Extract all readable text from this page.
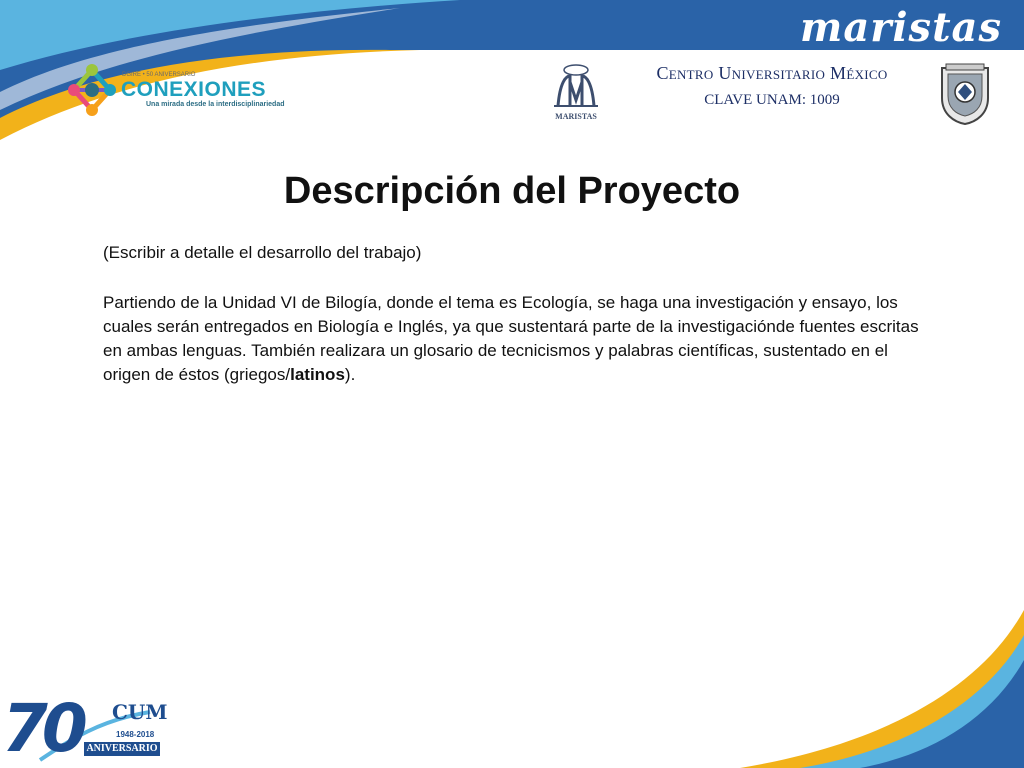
maristas
DGIRE • 50 ANIVERSARIO
CONEXIONES
Una mirada desde la interdisciplinariedad
MARISTAS
Centro Universitario México
CLAVE UNAM: 1009
Descripción del Proyecto
(Escribir a detalle el desarrollo del trabajo)
Partiendo de la Unidad VI de Bilogía, donde el tema es Ecología, se haga una investigación y ensayo, los cuales serán entregados en Biología e Inglés, ya que sustentará parte de la investigaciónde fuentes escritas en ambas lenguas. También realizara un glosario de tecnicismos y palabras científicas, sustentado en el origen de éstos (griegos/latinos).
70 CUM
1948-2018
ANIVERSARIO
